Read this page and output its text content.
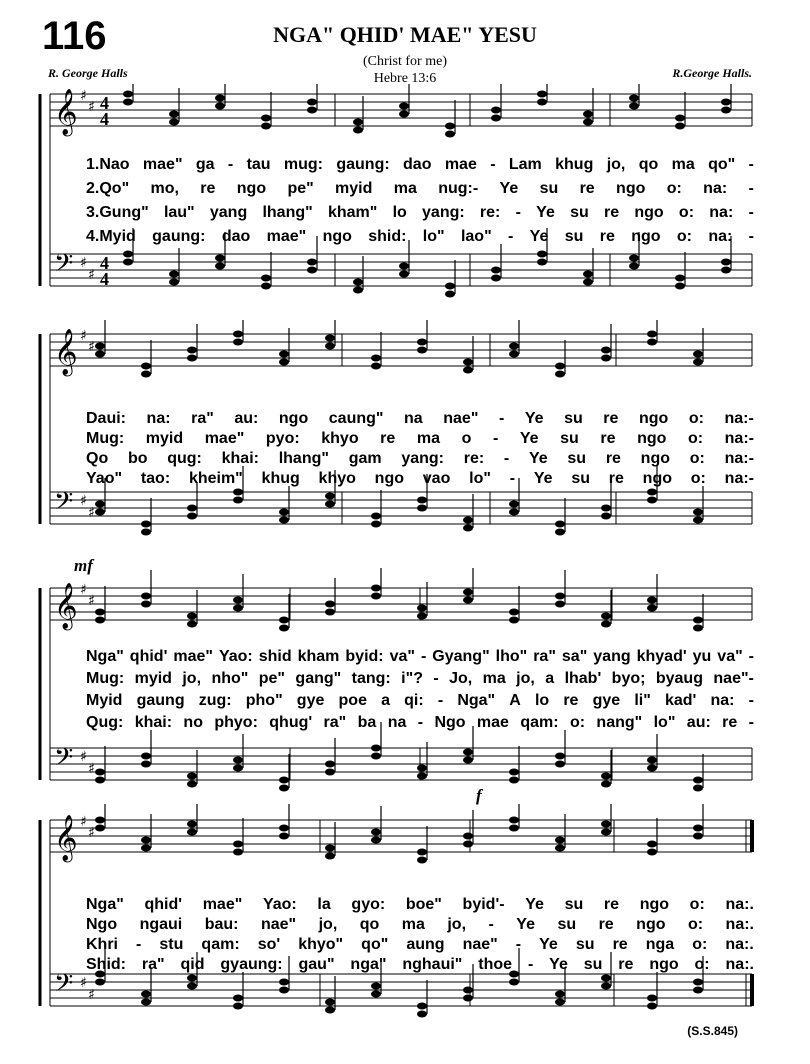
116	NGA" QHID' MAE" YESU
(Christ for me)
Hebre 13:6
R. George Halls	R.George Halls.
𝄞 ♯
♯ 4
4
𝄢 ♯
♯
4
4
1.Nao mae" ga - tau mug: gaung: dao mae - Lam khug jo, qo ma qo" -
2.Qo" mo, re ngo pe" myid ma nug:- Ye su re ngo o: na: -
3.Gung" lau" yang lhang" kham" lo yang: re: - Ye su re ngo o: na: -
4.Myid gaung: dao mae" ngo shid: lo" lao" - Ye su re ngo o: na: -
𝄞 ♯
♯
𝄢 ♯
♯
Daui: na: ra" au: ngo caung" na nae" - Ye su re ngo o: na:-
Mug: myid mae" pyo: khyo re ma o - Ye su re ngo o: na:-
Qo bo qug: khai: lhang" gam yang: re: - Ye su re ngo o: na:-
Yao" tao: kheim" khug khyo ngo vao lo" - Ye su re ngo o: na:-
𝄞 ♯
♯
𝄢 ♯
♯
Nga" qhid' mae" Yao: shid kham byid: va" - Gyang" lho" ra" sa" yang khyad' yu va" -
Mug: myid jo, nho" pe" gang" tang: i"? - Jo, ma jo, a lhab' byo; byaug nae"-
Myid gaung zug: pho" gye poe a qi: - Nga" A lo re gye li" kad' na: -
Qug: khai: no phyo: qhug' ra" ba na - Ngo mae qam: o: nang" lo" au: re -
𝄞 ♯
♯
𝄢 ♯
♯
Nga" qhid' mae" Yao: la gyo: boe" byid'- Ye su re ngo o: na:.
Ngo ngaui bau: nae" jo, qo ma jo, - Ye su re ngo o: na:.
Khri - stu qam: so' khyo" qo" aung nae" - Ye su re nga o: na:.
Shid: ra" qid gyaung: gau" nga" nghaui" thoe - Ye su re ngo o: na:.
mf
f
(S.S.845)
